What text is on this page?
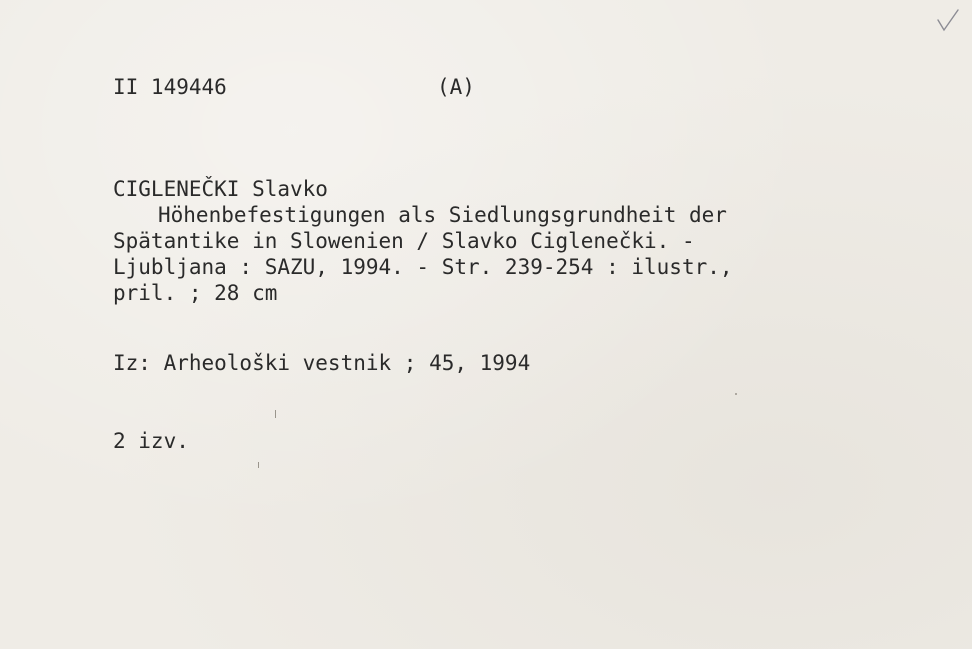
II 149446	(A)
CIGLENEČKI Slavko
Höhenbefestigungen als Siedlungsgrundheit der
Spätantike in Slowenien / Slavko Ciglenečki. -
Ljubljana : SAZU, 1994. - Str. 239-254 : ilustr.,
pril. ; 28 cm
Iz: Arheološki vestnik ; 45, 1994
2 izv.
